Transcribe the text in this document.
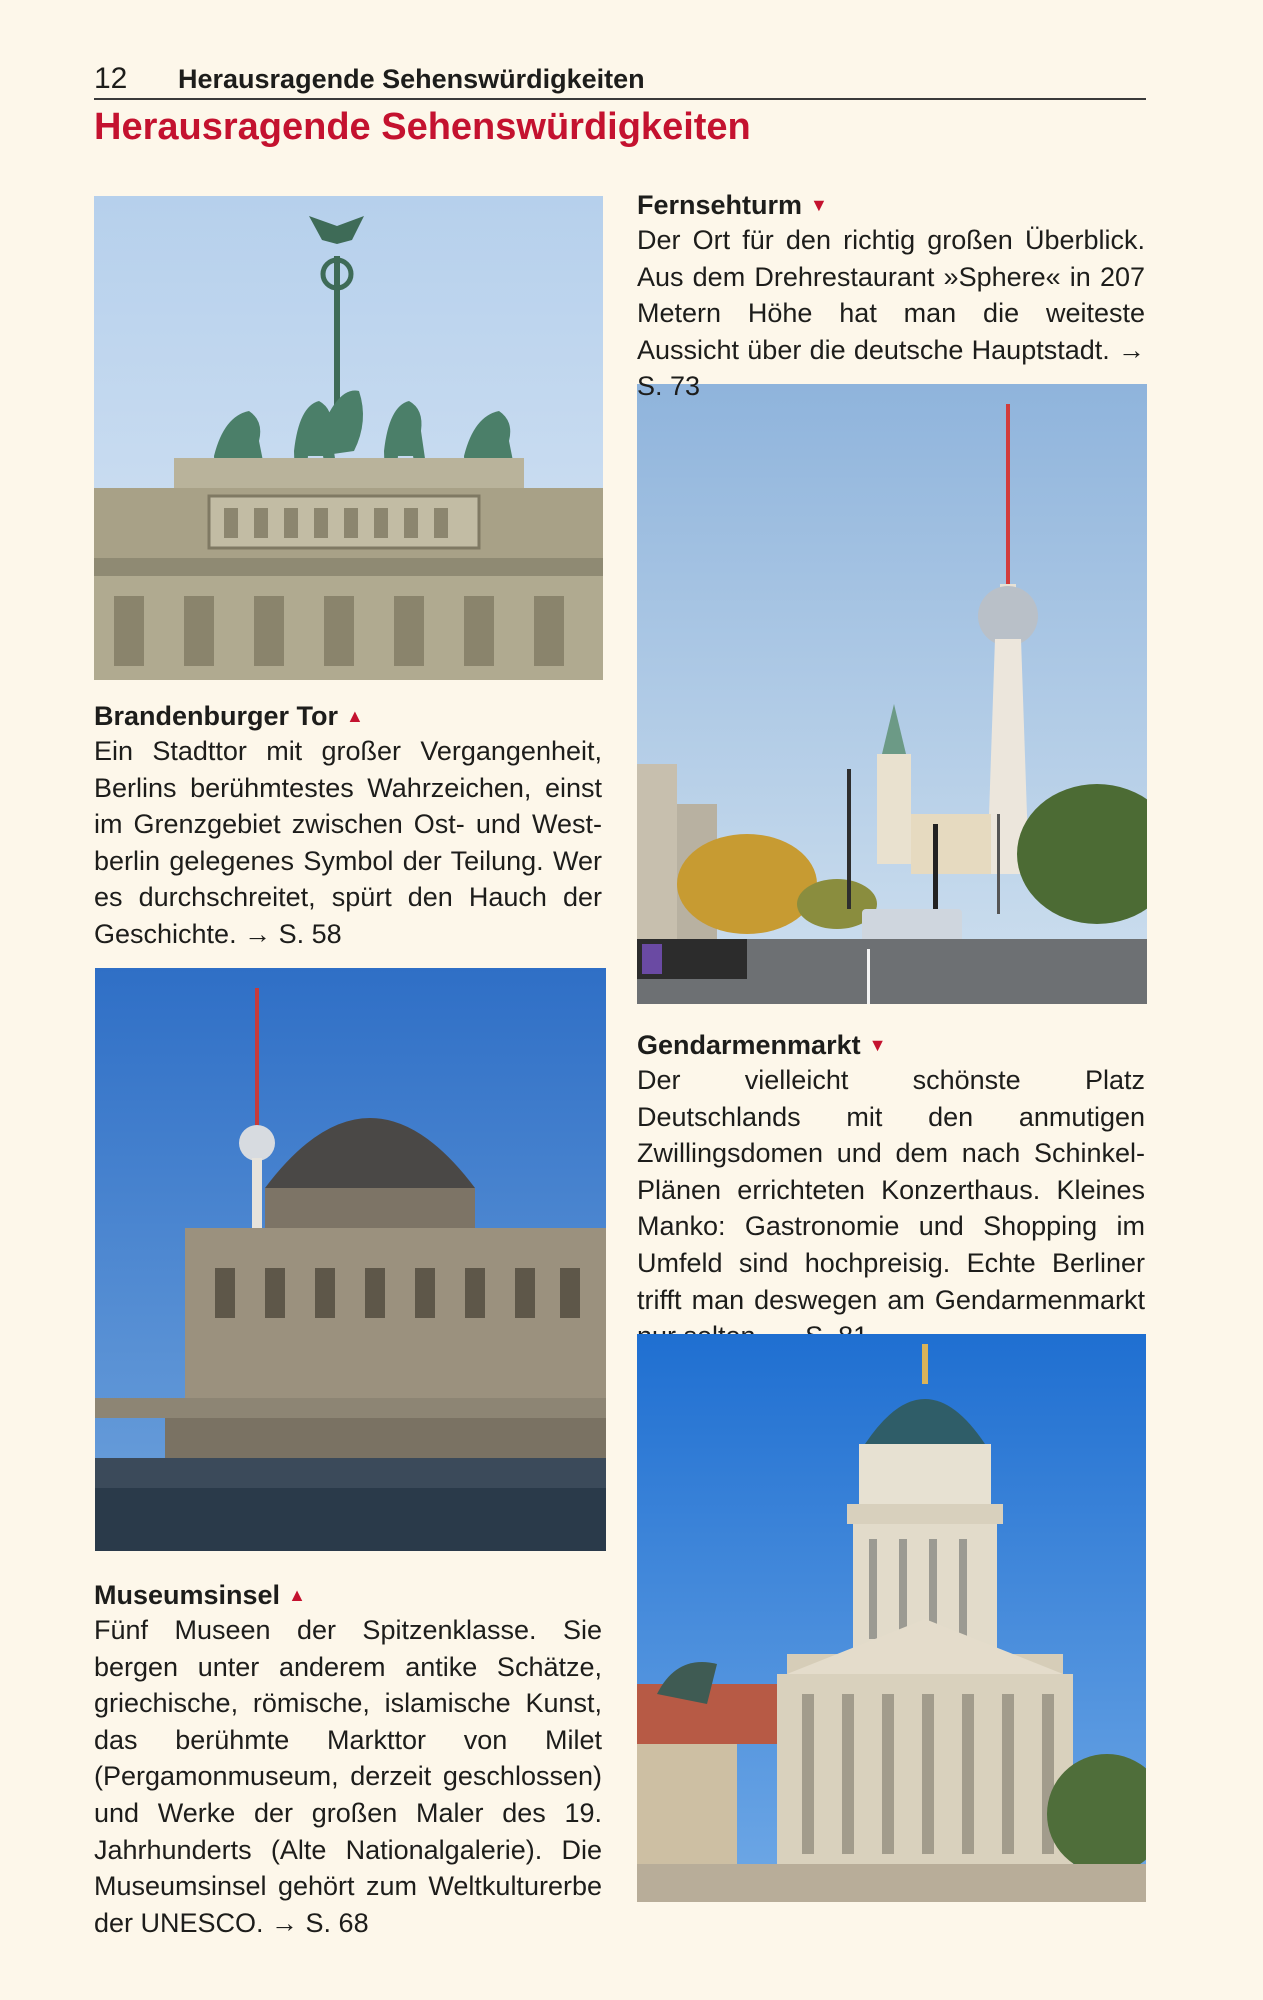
12 Herausragende Sehenswürdigkeiten
Herausragende Sehenswürdigkeiten
Brandenburger Tor ▲

Ein Stadttor mit großer Vergangenheit, Berlins berühmtestes Wahrzeichen, einst im Grenzgebiet zwischen Ost- und Westberlin gelegenes Symbol der Teilung. Wer es durchschreitet, spürt den Hauch der Geschichte. → S. 58

Fernsehturm ▼

Der Ort für den richtig großen Überblick. Aus dem Drehrestaurant »Sphere« in 207 Metern Höhe hat man die weiteste Aussicht über die deutsche Hauptstadt. → S. 73

Gendarmenmarkt ▼

Der vielleicht schönste Platz Deutschlands mit den anmutigen Zwillingsdomen und dem nach Schinkel-Plänen errichteten Konzerthaus. Kleines Manko: Gastronomie und Shopping im Umfeld sind hochpreisig. Echte Berliner trifft man deswegen am Gendarmenmarkt

Museumsinsel ▲

Fünf Museen der Spitzenklasse. Sie bergen unter anderem antike Schätze, griechische, römische, islamische Kunst, das berühmte Markttor von Milet (Pergamonmuseum, derzeit geschlossen) und Werke der großen Maler des 19. Jahrhunderts (Alte Nationalgalerie). Die Museumsinsel gehört zum Weltkulturerbe der UNESCO. → S. 68
